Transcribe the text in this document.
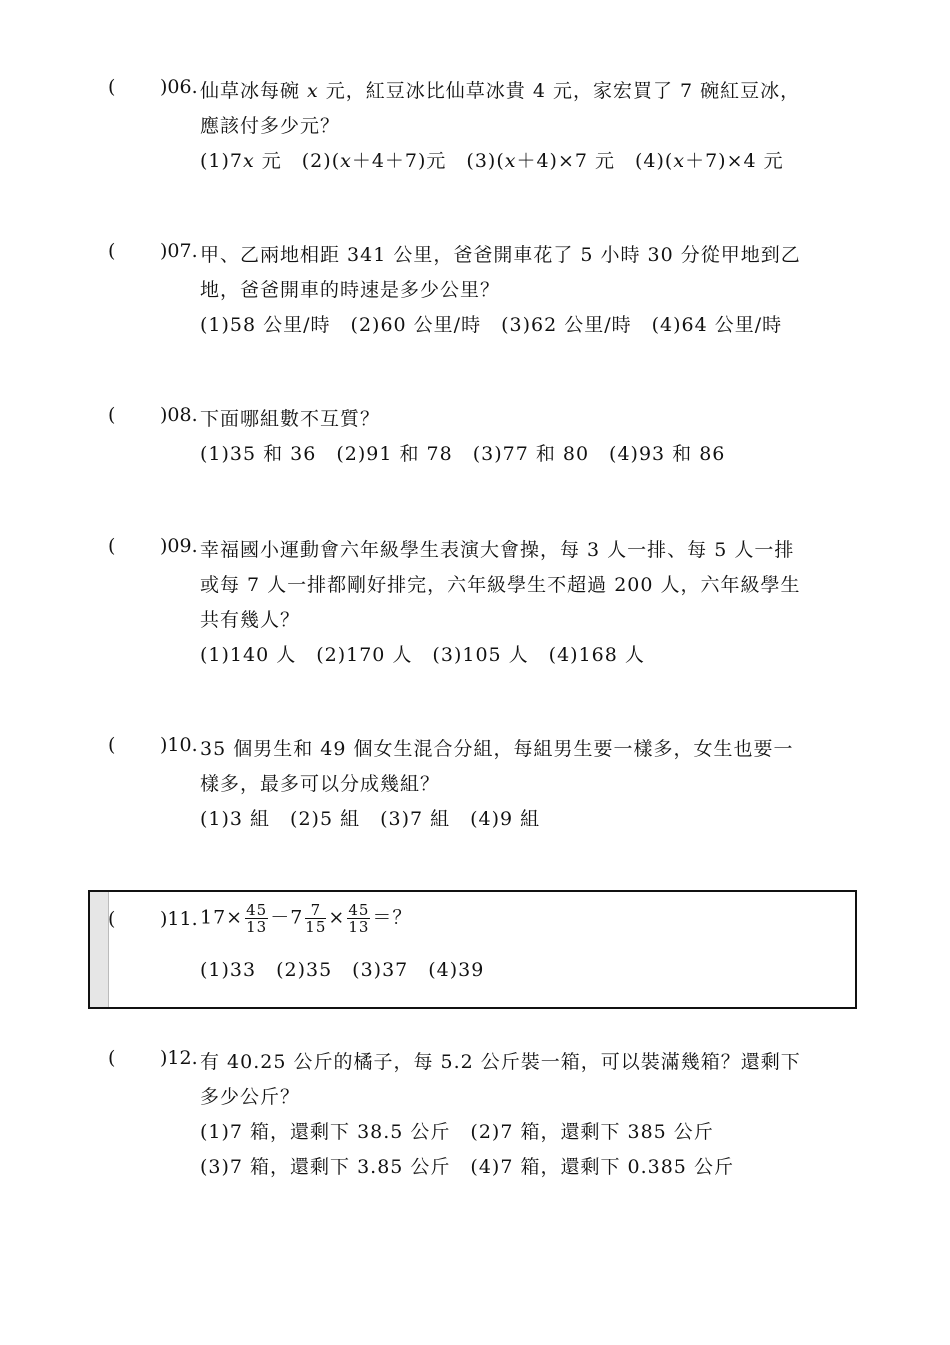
( )06. 仙草冰每碗 x 元，紅豆冰比仙草冰貴 4 元，家宏買了 7 碗紅豆冰，
應該付多少元？
(1)7x 元　(2)(x＋4＋7)元　(3)(x＋4)×7 元　(4)(x＋7)×4 元
( )07. 甲、乙兩地相距 341 公里，爸爸開車花了 5 小時 30 分從甲地到乙
地，爸爸開車的時速是多少公里？
(1)58 公里/時　(2)60 公里/時　(3)62 公里/時　(4)64 公里/時
( )08. 下面哪組數不互質？
(1)35 和 36　(2)91 和 78　(3)77 和 80　(4)93 和 86
( )09. 幸福國小運動會六年級學生表演大會操，每 3 人一排、每 5 人一排
或每 7 人一排都剛好排完，六年級學生不超過 200 人，六年級學生
共有幾人？
(1)140 人　(2)170 人　(3)105 人　(4)168 人
( )10. 35 個男生和 49 個女生混合分組，每組男生要一樣多，女生也要一
樣多，最多可以分成幾組？
(1)3 組　(2)5 組　(3)7 組　(4)9 組
( )11. $17\times \frac{45}{13} -7 \frac{7}{15} \times \frac{45}{13}$ ＝？
(1)33　(2)35　(3)37　(4)39
( )12. 有 40.25 公斤的橘子，每 5.2 公斤裝一箱，可以裝滿幾箱？還剩下
多少公斤？
(1)7 箱，還剩下 38.5 公斤　(2)7 箱，還剩下 385 公斤
(3)7 箱，還剩下 3.85 公斤　(4)7 箱，還剩下 0.385 公斤
